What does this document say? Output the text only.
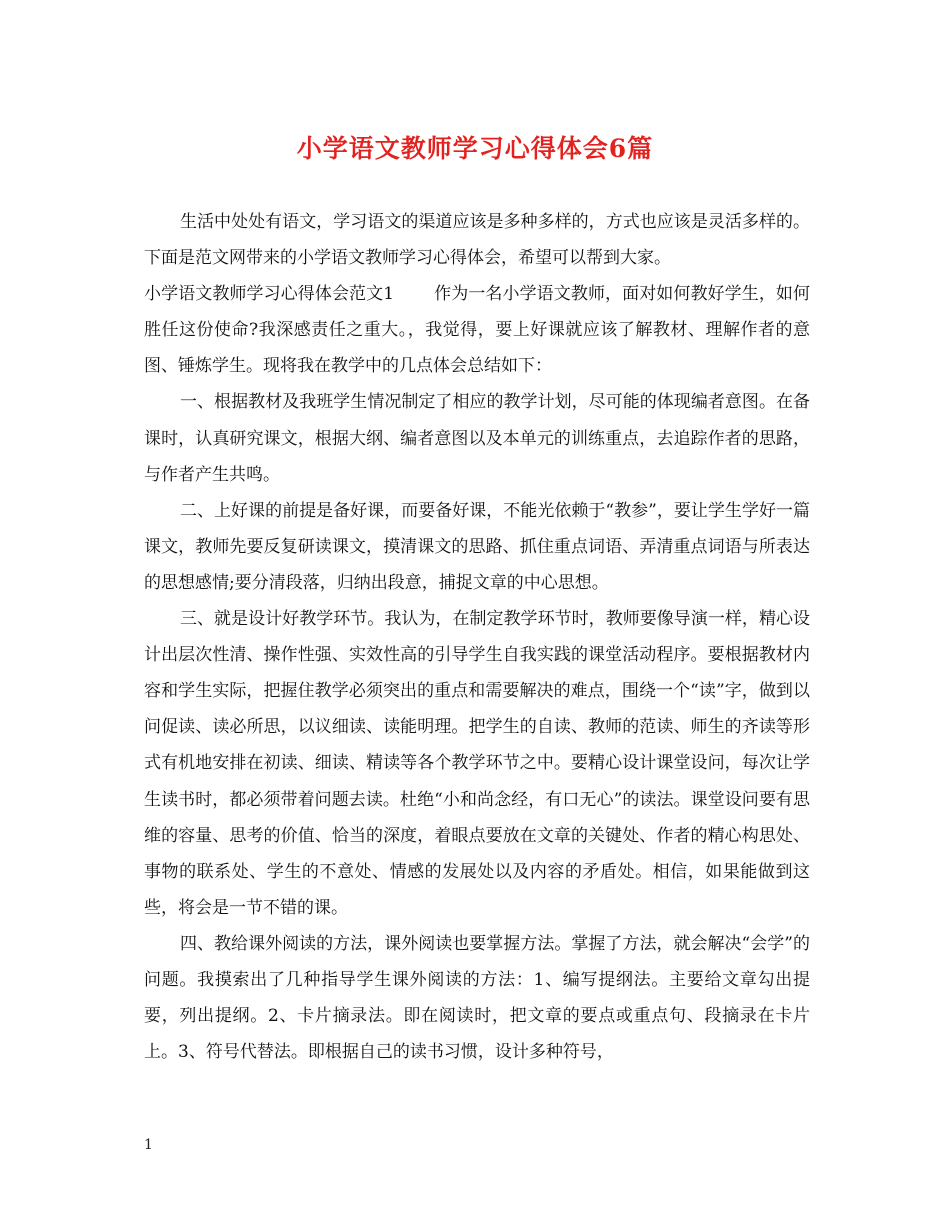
小学语文教师学习心得体会6篇

生活中处处有语文，学习语文的渠道应该是多种多样的，方式也应该是灵活多样的。下面是范文网带来的小学语文教师学习心得体会，希望可以帮到大家。

小学语文教师学习心得体会范文1 作为一名小学语文教师，面对如何教好学生，如何胜任这份使命?我深感责任之重大。，我觉得，要上好课就应该了解教材、理解作者的意图、锤炼学生。现将我在教学中的几点体会总结如下：

一、根据教材及我班学生情况制定了相应的教学计划，尽可能的体现编者意图。在备课时，认真研究课文，根据大纲、编者意图以及本单元的训练重点，去追踪作者的思路，与作者产生共鸣。

二、上好课的前提是备好课，而要备好课，不能光依赖于“教参”，要让学生学好一篇课文，教师先要反复研读课文，摸清课文的思路、抓住重点词语、弄清重点词语与所表达的思想感情;要分清段落，归纳出段意，捕捉文章的中心思想。

三、就是设计好教学环节。我认为，在制定教学环节时，教师要像导演一样，精心设计出层次性清、操作性强、实效性高的引导学生自我实践的课堂活动程序。要根据教材内容和学生实际，把握住教学必须突出的重点和需要解决的难点，围绕一个“读”字，做到以问促读、读必所思，以议细读、读能明理。把学生的自读、教师的范读、师生的齐读等形式有机地安排在初读、细读、精读等各个教学环节之中。要精心设计课堂设问，每次让学生读书时，都必须带着问题去读。杜绝“小和尚念经，有口无心”的读法。课堂设问要有思维的容量、思考的价值、恰当的深度，着眼点要放在文章的关键处、作者的精心构思处、事物的联系处、学生的不意处、情感的发展处以及内容的矛盾处。相信，如果能做到这些，将会是一节不错的课。

四、教给课外阅读的方法，课外阅读也要掌握方法。掌握了方法，就会解决“会学”的问题。我摸索出了几种指导学生课外阅读的方法：1、编写提纲法。主要给文章勾出提要，列出提纲。2、卡片摘录法。即在阅读时，把文章的要点或重点句、段摘录在卡片上。3、符号代替法。即根据自己的读书习惯，设计多种符号，

1
